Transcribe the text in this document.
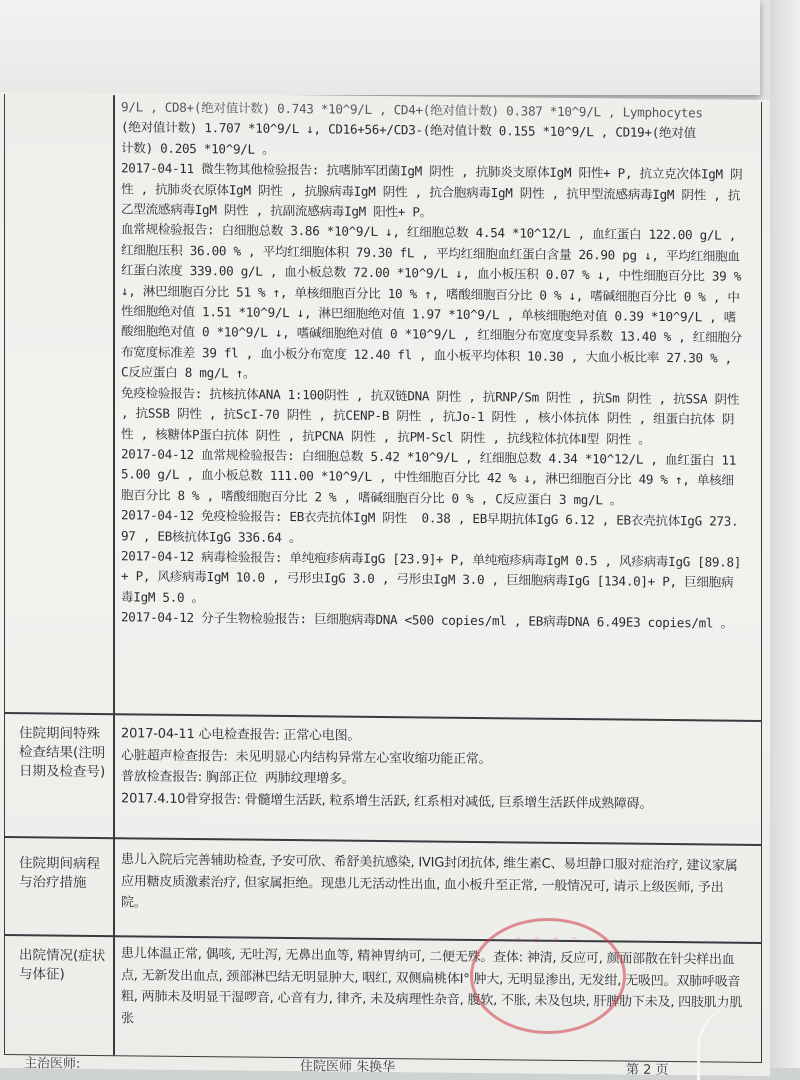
9/L , CD8+(绝对值计数) 0.743 *10^9/L , CD4+(绝对值计数) 0.387 *10^9/L , Lymphocytes

(绝对值计数) 1.707 *10^9/L ↓, CD16+56+/CD3-(绝对值计数 0.155 *10^9/L , CD19+(绝对值

计数) 0.205 *10^9/L 。

2017-04-11 微生物其他检验报告: 抗嗜肺军团菌IgM 阴性 , 抗肺炎支原体IgM 阳性+ P, 抗立克次体IgM 阴性 , 抗肺炎衣原体IgM 阴性 , 抗腺病毒IgM 阴性 , 抗合胞病毒IgM 阴性 , 抗甲型流感病毒IgM 阴性 , 抗乙型流感病毒IgM 阴性 , 抗副流感病毒IgM 阳性+ P。

血常规检验报告: 白细胞总数 3.86 *10^9/L ↓, 红细胞总数 4.54 *10^12/L , 血红蛋白 122.00 g/L , 红细胞压积 36.00 % , 平均红细胞体积 79.30 fL , 平均红细胞血红蛋白含量 26.90 pg ↓, 平均红细胞血红蛋白浓度 339.00 g/L , 血小板总数 72.00 *10^9/L ↓, 血小板压积 0.07 % ↓, 中性细胞百分比 39 % ↓, 淋巴细胞百分比 51 % ↑, 单核细胞百分比 10 % ↑, 嗜酸细胞百分比 0 % ↓, 嗜碱细胞百分比 0 % , 中性细胞绝对值 1.51 *10^9/L ↓, 淋巴细胞绝对值 1.97 *10^9/L , 单核细胞绝对值 0.39 *10^9/L , 嗜酸细胞绝对值 0 *10^9/L ↓, 嗜碱细胞绝对值 0 *10^9/L , 红细胞分布宽度变异系数 13.40 % , 红细胞分布宽度标准差 39 fl , 血小板分布宽度 12.40 fl , 血小板平均体积 10.30 , 大血小板比率 27.30 % , C反应蛋白 8 mg/L ↑。

免疫检验报告: 抗核抗体ANA 1:100阴性 , 抗双链DNA 阴性 , 抗RNP/Sm 阴性 , 抗Sm 阴性 , 抗SSA 阴性 , 抗SSB 阴性 , 抗ScI-70 阴性 , 抗CENP-B 阴性 , 抗Jo-1 阴性 , 核小体抗体 阴性 , 组蛋白抗体 阴性 , 核糖体P蛋白抗体 阴性 , 抗PCNA 阴性 , 抗PM-Scl 阴性 , 抗线粒体抗体Ⅱ型 阴性 。

2017-04-12 血常规检验报告: 白细胞总数 5.42 *10^9/L , 红细胞总数 4.34 *10^12/L , 血红蛋白 115.00 g/L , 血小板总数 111.00 *10^9/L , 中性细胞百分比 42 % ↓, 淋巴细胞百分比 49 % ↑, 单核细胞百分比 8 % , 嗜酸细胞百分比 2 % , 嗜碱细胞百分比 0 % , C反应蛋白 3 mg/L 。

2017-04-12 免疫检验报告: EB衣壳抗体IgM 阴性  0.38 , EB早期抗体IgG 6.12 , EB衣壳抗体IgG 273.97 , EB核抗体IgG 336.64 。

2017-04-12 病毒检验报告: 单纯疱疹病毒IgG [23.9]+ P, 单纯疱疹病毒IgM 0.5 , 风疹病毒IgG [89.8]+ P, 风疹病毒IgM 10.0 , 弓形虫IgG 3.0 , 弓形虫IgM 3.0 , 巨细胞病毒IgG [134.0]+ P, 巨细胞病毒IgM 5.0 。

2017-04-12 分子生物检验报告: 巨细胞病毒DNA <500 copies/ml , EB病毒DNA 6.49E3 copies/ml 。

住院期间特殊检查结果(注明日期及检查号)

2017-04-11 心电检查报告: 正常心电图。

心脏超声检查报告:  未见明显心内结构异常左心室收缩功能正常。

普放检查报告: 胸部正位  两肺纹理增多。

2017.4.10骨穿报告: 骨髓增生活跃, 粒系增生活跃, 红系相对减低, 巨系增生活跃伴成熟障碍。

住院期间病程与治疗措施

患儿入院后完善辅助检查, 予安可欣、希舒美抗感染, IVIG封闭抗体, 维生素C、易坦静口服对症治疗, 建议家属应用糖皮质激素治疗, 但家属拒绝。现患儿无活动性出血, 血小板升至正常, 一般情况可, 请示上级医师, 予出院。

出院情况(症状与体征)

患儿体温正常, 偶咳, 无吐泻, 无鼻出血等, 精神胃纳可, 二便无殊。查体: 神清, 反应可, 颜面部散在针尖样出血点, 无新发出血点, 颈部淋巴结无明显肿大, 咽红, 双侧扁桃体Ⅰ° 肿大, 无明显渗出, 无发绀, 无吸凹。双肺呼吸音粗, 两肺未及明显干湿啰音, 心音有力, 律齐, 未及病理性杂音, 腹软, 不胀, 未及包块, 肝脾肋下未及, 四肢肌力肌张

主治医师:	住院医师 朱换华	第 2 页
◦ ◦ ◦ ◦
